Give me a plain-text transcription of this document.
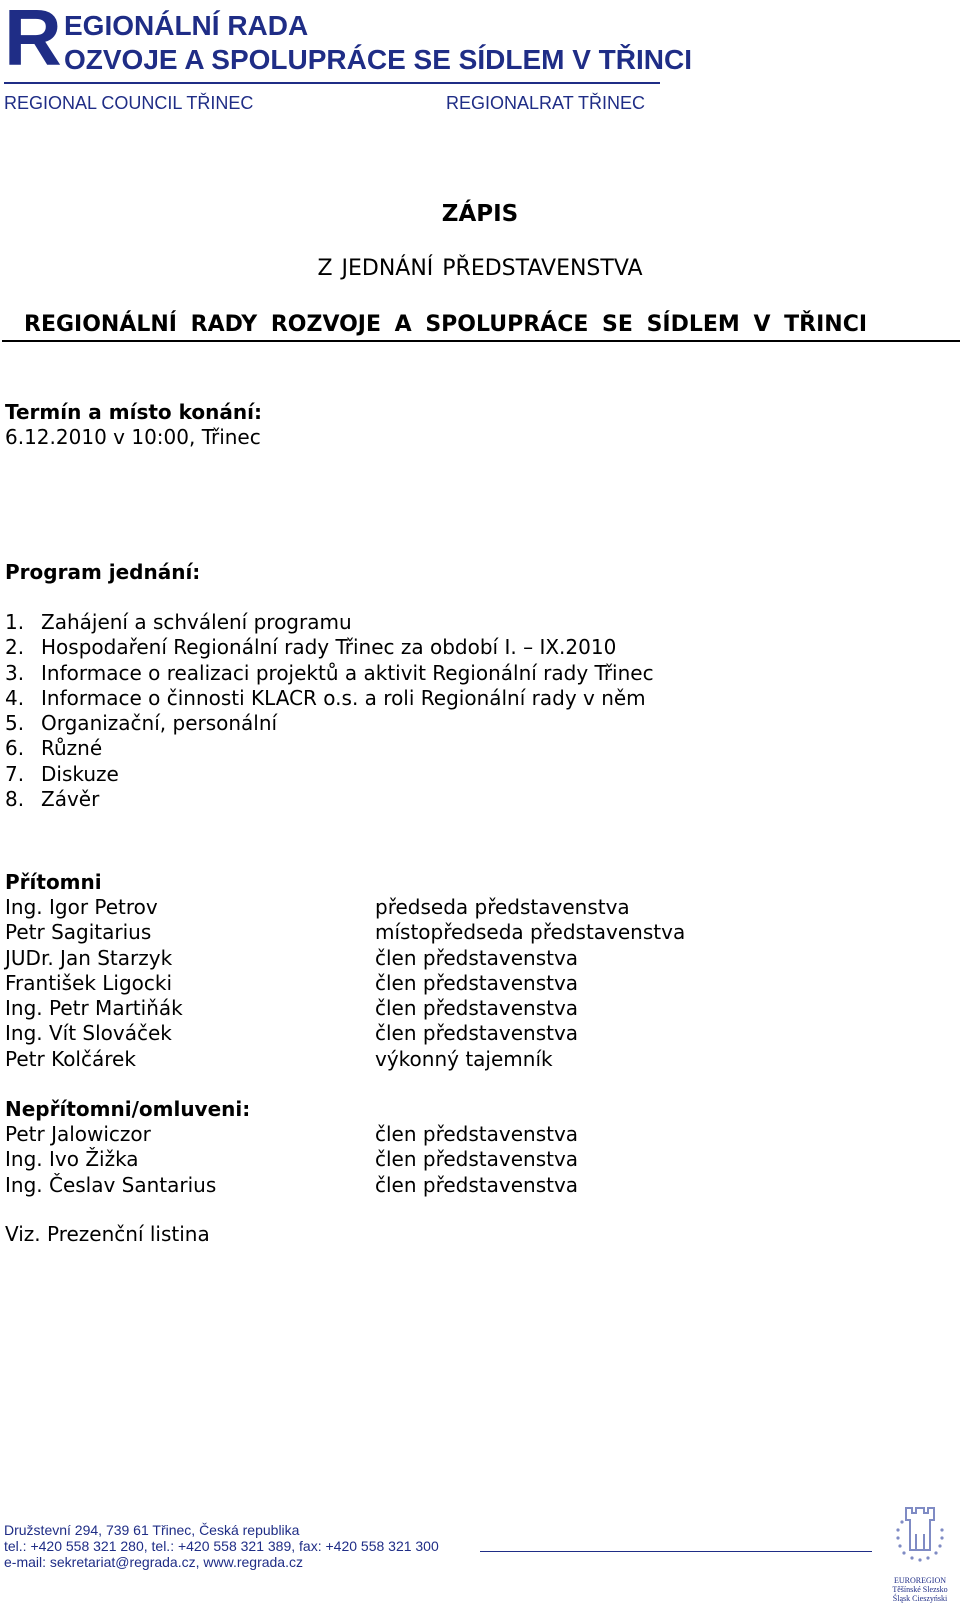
R EGIONÁLNÍ RADA
OZVOJE A SPOLUPRÁCE SE SÍDLEM V TŘINCI
REGIONAL COUNCIL TŘINEC	REGIONALRAT TŘINEC
ZÁPIS
Z JEDNÁNÍ PŘEDSTAVENSTVA
REGIONÁLNÍ RADY ROZVOJE A SPOLUPRÁCE SE SÍDLEM V TŘINCI
Termín a místo konání:
6.12.2010 v 10:00, Třinec
Program jednání:
1. Zahájení a schválení programu
2. Hospodaření Regionální rady Třinec za období I. – IX.2010
3. Informace o realizaci projektů a aktivit Regionální rady Třinec
4. Informace o činnosti KLACR o.s. a roli Regionální rady v něm
5. Organizační, personální
6. Různé
7. Diskuze
8. Závěr
Přítomni
Ing. Igor Petrov
Petr Sagitarius
JUDr. Jan Starzyk
František Ligocki
Ing. Petr Martiňák
Ing. Vít Slováček
Petr Kolčárek
předseda představenstva
místopředseda představenstva
člen představenstva
člen představenstva
člen představenstva
člen představenstva
výkonný tajemník
Nepřítomni/omluveni:
Petr Jalowiczor
Ing. Ivo Žižka
Ing. Česlav Santarius
člen představenstva
člen představenstva
člen představenstva
Viz. Prezenční listina
Družstevní 294, 739 61 Třinec, Česká republika
tel.: +420 558 321 280, tel.: +420 558 321 389, fax: +420 558 321 300
e-mail: sekretariat@regrada.cz, www.regrada.cz
EUROREGION
Těšínské Slezsko
Śląsk Cieszyński
